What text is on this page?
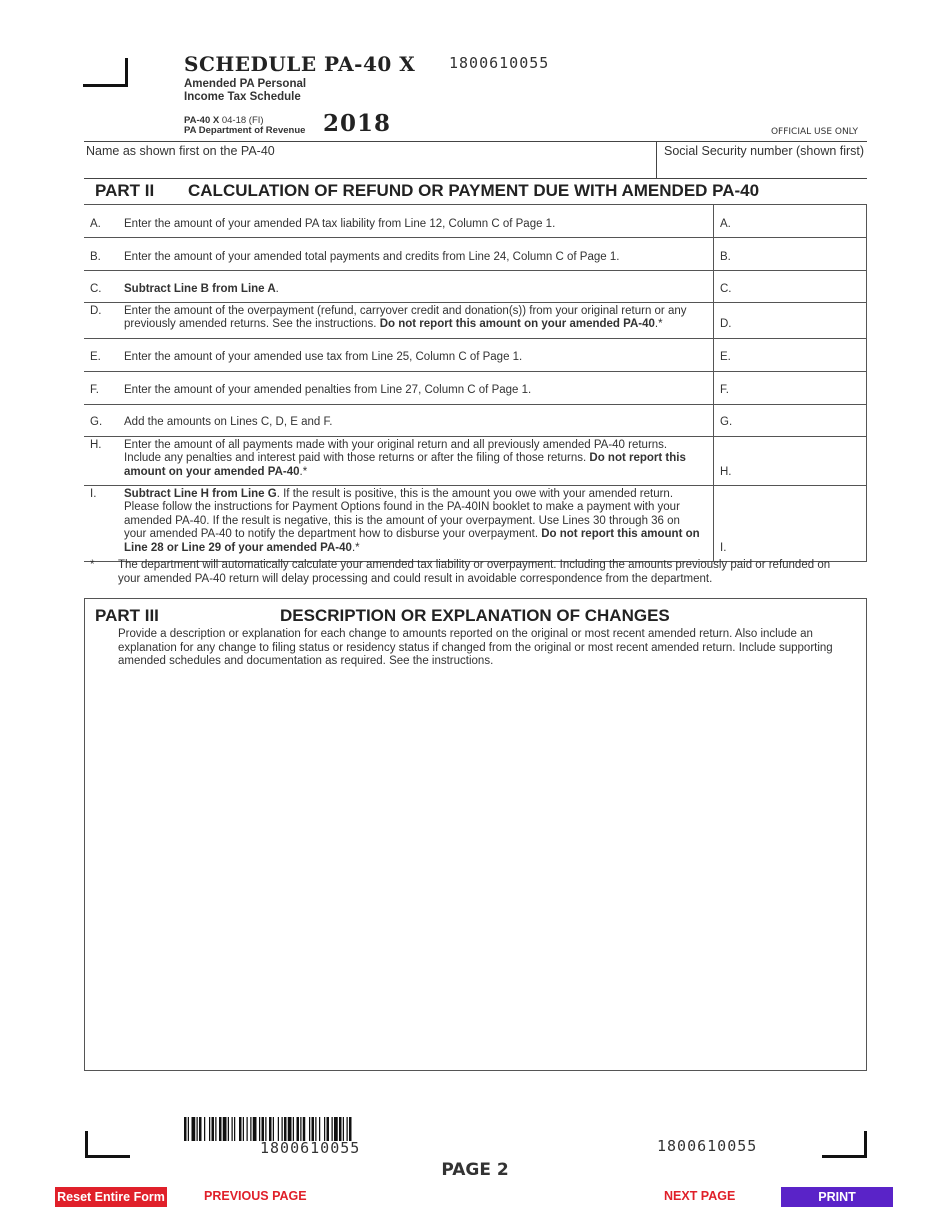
SCHEDULE PA-40 X 1800610055
Amended PA Personal
Income Tax Schedule
PA-40 X 04-18 (FI)
PA Department of Revenue 2018	OFFICIAL USE ONLY
Name as shown first on the PA-40	Social Security number (shown first)
PART II CALCULATION OF REFUND OR PAYMENT DUE WITH AMENDED PA-40
A.	Enter the amount of your amended PA tax liability from Line 12, Column C of Page 1.	A.
B.	Enter the amount of your amended total payments and credits from Line 24, Column C of Page 1.	B.
C.	Subtract Line B from Line A.	C.
D.	Enter the amount of the overpayment (refund, carryover credit and donation(s)) from your original return or any previously amended returns. See the instructions. Do not report this amount on your amended PA-40.*	D.
E.	Enter the amount of your amended use tax from Line 25, Column C of Page 1.	E.
F.	Enter the amount of your amended penalties from Line 27, Column C of Page 1.	F.
G.	Add the amounts on Lines C, D, E and F.	G.
H.	Enter the amount of all payments made with your original return and all previously amended PA-40 returns. Include any penalties and interest paid with those returns or after the filing of those returns. Do not report this amount on your amended PA-40.*	H.
I.	Subtract Line H from Line G. If the result is positive, this is the amount you owe with your amended return. Please follow the instructions for Payment Options found in the PA-40IN booklet to make a payment with your amended PA-40. If the result is negative, this is the amount of your overpayment. Use Lines 30 through 36 on your amended PA-40 to notify the department how to disburse your overpayment. Do not report this amount on Line 28 or Line 29 of your amended PA-40.*	I.
* The department will automatically calculate your amended tax liability or overpayment. Including the amounts previously paid or refunded on your amended PA-40 return will delay processing and could result in avoidable correspondence from the department.
PART III	DESCRIPTION OR EXPLANATION OF CHANGES
Provide a description or explanation for each change to amounts reported on the original or most recent amended return. Also include an explanation for any change to filing status or residency status if changed from the original or most recent amended return. Include supporting amended schedules and documentation as required. See the instructions.
1800610055	1800610055
PAGE 2
Reset Entire Form	PREVIOUS PAGE	NEXT PAGE	PRINT
